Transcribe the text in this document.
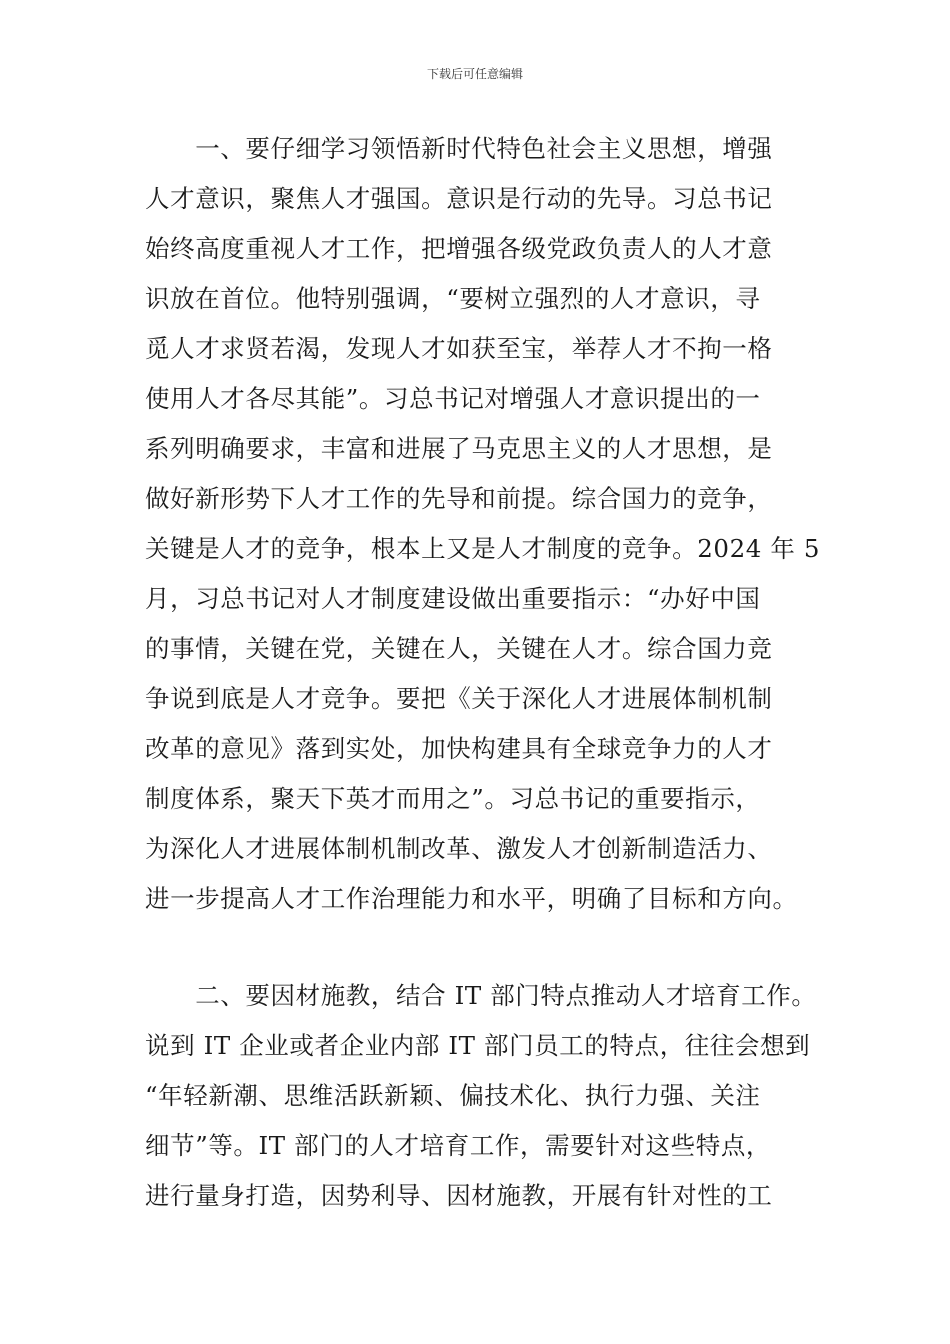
下载后可任意编辑
　　一、要仔细学习领悟新时代特色社会主义思想，增强
人才意识，聚焦人才强国。意识是行动的先导。习总书记
始终高度重视人才工作，把增强各级党政负责人的人才意
识放在首位。他特别强调，“要树立强烈的人才意识，寻
觅人才求贤若渴，发现人才如获至宝，举荐人才不拘一格
使用人才各尽其能”。习总书记对增强人才意识提出的一
系列明确要求，丰富和进展了马克思主义的人才思想，是
做好新形势下人才工作的先导和前提。综合国力的竞争，
关键是人才的竞争，根本上又是人才制度的竞争。2024 年 5
月，习总书记对人才制度建设做出重要指示：“办好中国
的事情，关键在党，关键在人，关键在人才。综合国力竞
争说到底是人才竞争。要把《关于深化人才进展体制机制
改革的意见》落到实处，加快构建具有全球竞争力的人才
制度体系，聚天下英才而用之”。习总书记的重要指示，
为深化人才进展体制机制改革、激发人才创新制造活力、
进一步提高人才工作治理能力和水平，明确了目标和方向。
　　二、要因材施教，结合 IT 部门特点推动人才培育工作。
说到 IT 企业或者企业内部 IT 部门员工的特点，往往会想到
“年轻新潮、思维活跃新颖、偏技术化、执行力强、关注
细节”等。IT 部门的人才培育工作，需要针对这些特点，
进行量身打造，因势利导、因材施教，开展有针对性的工
